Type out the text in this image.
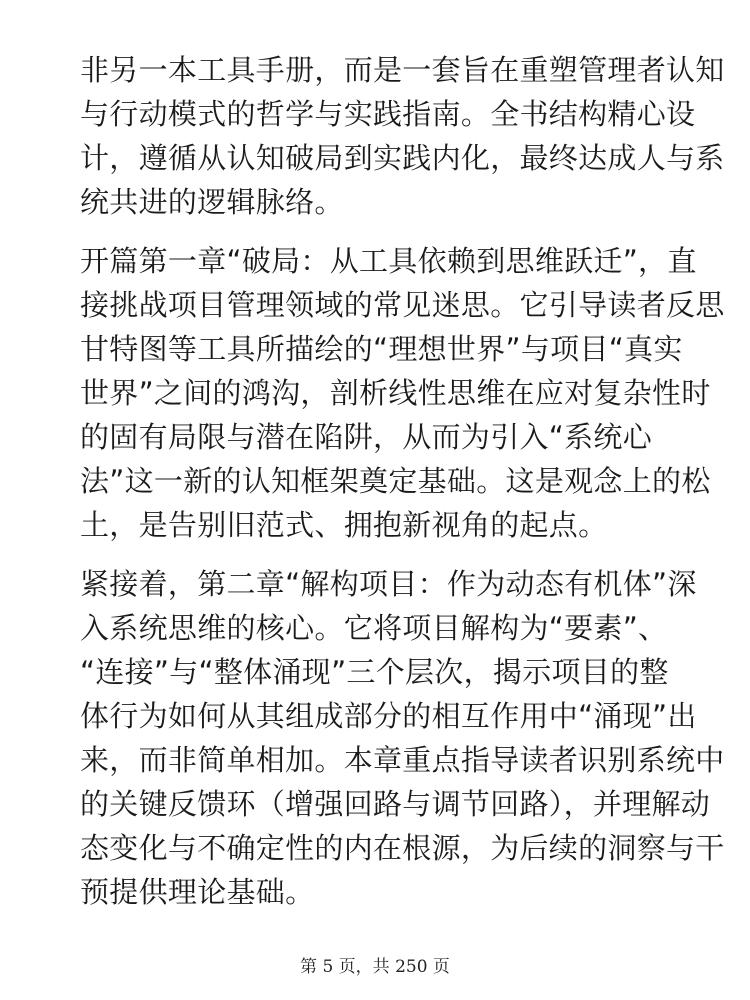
非另一本工具手册，而是一套旨在重塑管理者认知
与行动模式的哲学与实践指南。全书结构精心设
计，遵循从认知破局到实践内化，最终达成人与系
统共进的逻辑脉络。

开篇第一章“破局：从工具依赖到思维跃迁”，直
接挑战项目管理领域的常见迷思。它引导读者反思
甘特图等工具所描绘的“理想世界”与项目“真实
世界”之间的鸿沟，剖析线性思维在应对复杂性时
的固有局限与潜在陷阱，从而为引入“系统心
法”这一新的认知框架奠定基础。这是观念上的松
土，是告别旧范式、拥抱新视角的起点。

紧接着，第二章“解构项目：作为动态有机体”深
入系统思维的核心。它将项目解构为“要素”、
“连接”与“整体涌现”三个层次，揭示项目的整
体行为如何从其组成部分的相互作用中“涌现”出
来，而非简单相加。本章重点指导读者识别系统中
的关键反馈环（增强回路与调节回路），并理解动
态变化与不确定性的内在根源，为后续的洞察与干
预提供理论基础。

第 5 页，共 250 页
